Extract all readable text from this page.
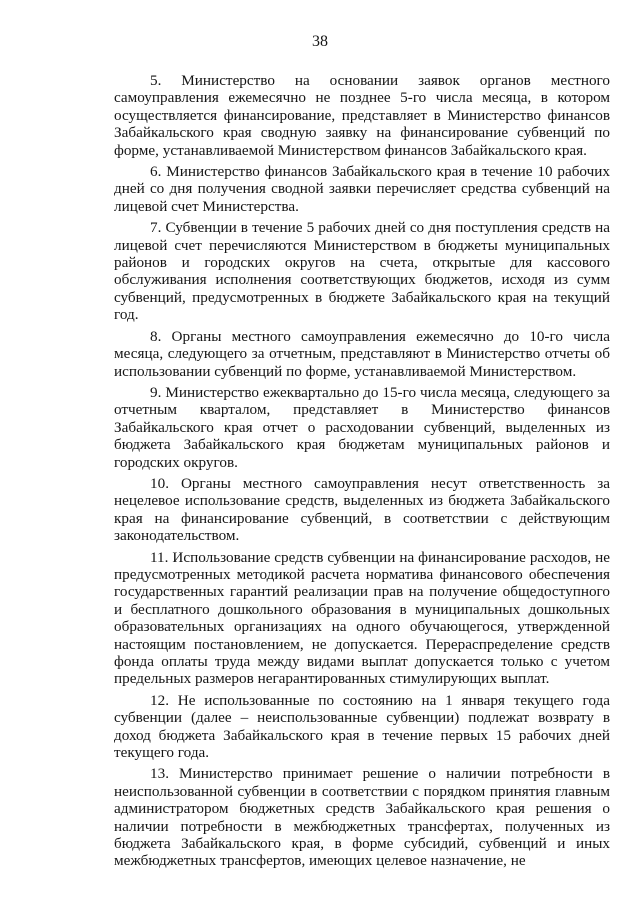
38

5. Министерство на основании заявок органов местного самоуправления ежемесячно не позднее 5-го числа месяца, в котором осуществляется финансирование, представляет в Министерство финансов Забайкальского края сводную заявку на финансирование субвенций по форме, устанавливаемой Министерством финансов Забайкальского края.

6. Министерство финансов Забайкальского края в течение 10 рабочих дней со дня получения сводной заявки перечисляет средства субвенций на лицевой счет Министерства.

7. Субвенции в течение 5 рабочих дней со дня поступления средств на лицевой счет перечисляются Министерством в бюджеты муниципальных районов и городских округов на счета, открытые для кассового обслуживания исполнения соответствующих бюджетов, исходя из сумм субвенций, предусмотренных в бюджете Забайкальского края на текущий год.

8. Органы местного самоуправления ежемесячно до 10-го числа месяца, следующего за отчетным, представляют в Министерство отчеты об использовании субвенций по форме, устанавливаемой Министерством.

9. Министерство ежеквартально до 15-го числа месяца, следующего за отчетным кварталом, представляет в Министерство финансов Забайкальского края отчет о расходовании субвенций, выделенных из бюджета Забайкальского края бюджетам муниципальных районов и городских округов.

10. Органы местного самоуправления несут ответственность за нецелевое использование средств, выделенных из бюджета Забайкальского края на финансирование субвенций, в соответствии с действующим законодательством.

11. Использование средств субвенции на финансирование расходов, не предусмотренных методикой расчета норматива финансового обеспечения государственных гарантий реализации прав на получение общедоступного и бесплатного дошкольного образования в муниципальных дошкольных образовательных организациях на одного обучающегося, утвержденной настоящим постановлением, не допускается. Перераспределение средств фонда оплаты труда между видами выплат допускается только с учетом предельных размеров негарантированных стимулирующих выплат.

12. Не использованные по состоянию на 1 января текущего года субвенции (далее – неиспользованные субвенции) подлежат возврату в доход бюджета Забайкальского края в течение первых 15 рабочих дней текущего года.

13. Министерство принимает решение о наличии потребности в неиспользованной субвенции в соответствии с порядком принятия главным администратором бюджетных средств Забайкальского края решения о наличии потребности в межбюджетных трансфертах, полученных из бюджета Забайкальского края, в форме субсидий, субвенций и иных межбюджетных трансфертов, имеющих целевое назначение, не
